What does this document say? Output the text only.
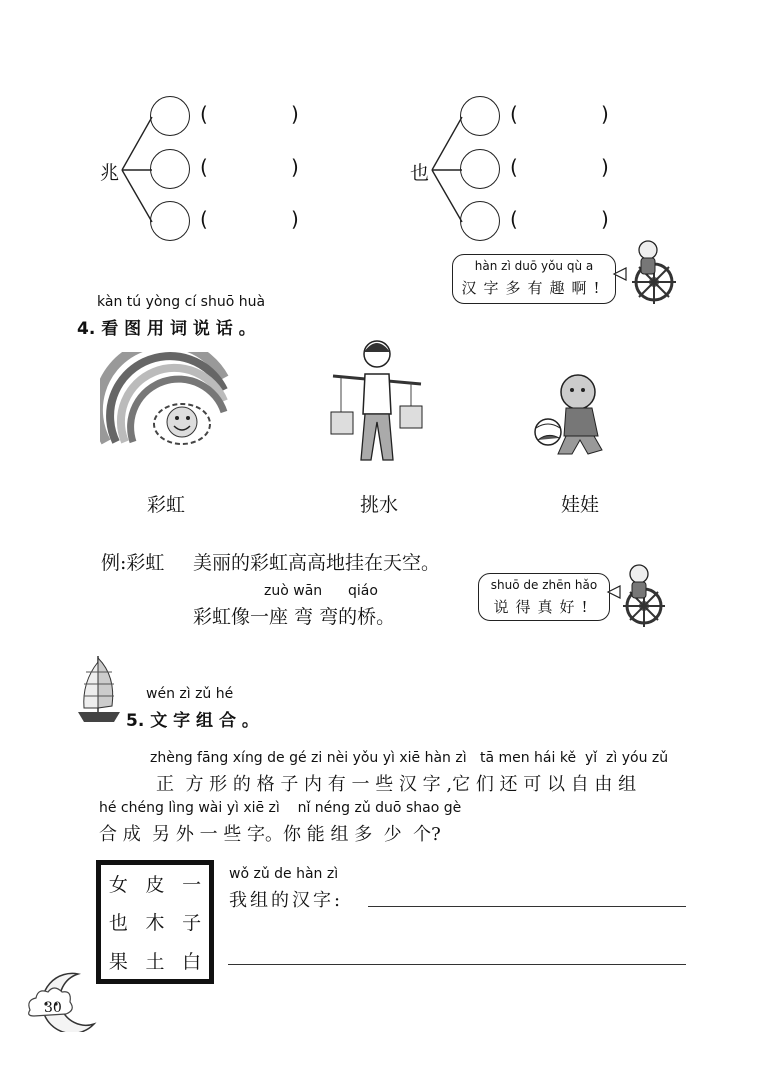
兆	也
(	)
(	)
(	)
(	)
(	)
(	)
hàn zì duō yǒu qù a
汉字多有趣啊!
kàn tú yòng cí shuō huà
4. 看 图 用 词 说 话 。
彩虹	挑水	娃娃
例:彩虹 美丽的彩虹高高地挂在天空。
zuò wān qiáo
彩虹像一座 弯 弯的桥。
shuō de zhēn hǎo
说得真好!
wén zì zǔ hé
5. 文 字 组 合 。
zhèng fāng xíng de gé zi nèi yǒu yì xiē hàn zì   tā men hái kě  yǐ  zì yóu zǔ
正  方 形 的 格 子 内 有 一 些 汉 字 ,它 们 还 可 以 自 由 组
hé chéng lìng wài yì xiē zì    nǐ néng zǔ duō shao gè
合 成  另 外 一 些 字。你 能 组 多  少  个?
女	皮	一
也	木	子
果	土	白
wǒ zǔ de hàn zì
我组的汉字:
30
